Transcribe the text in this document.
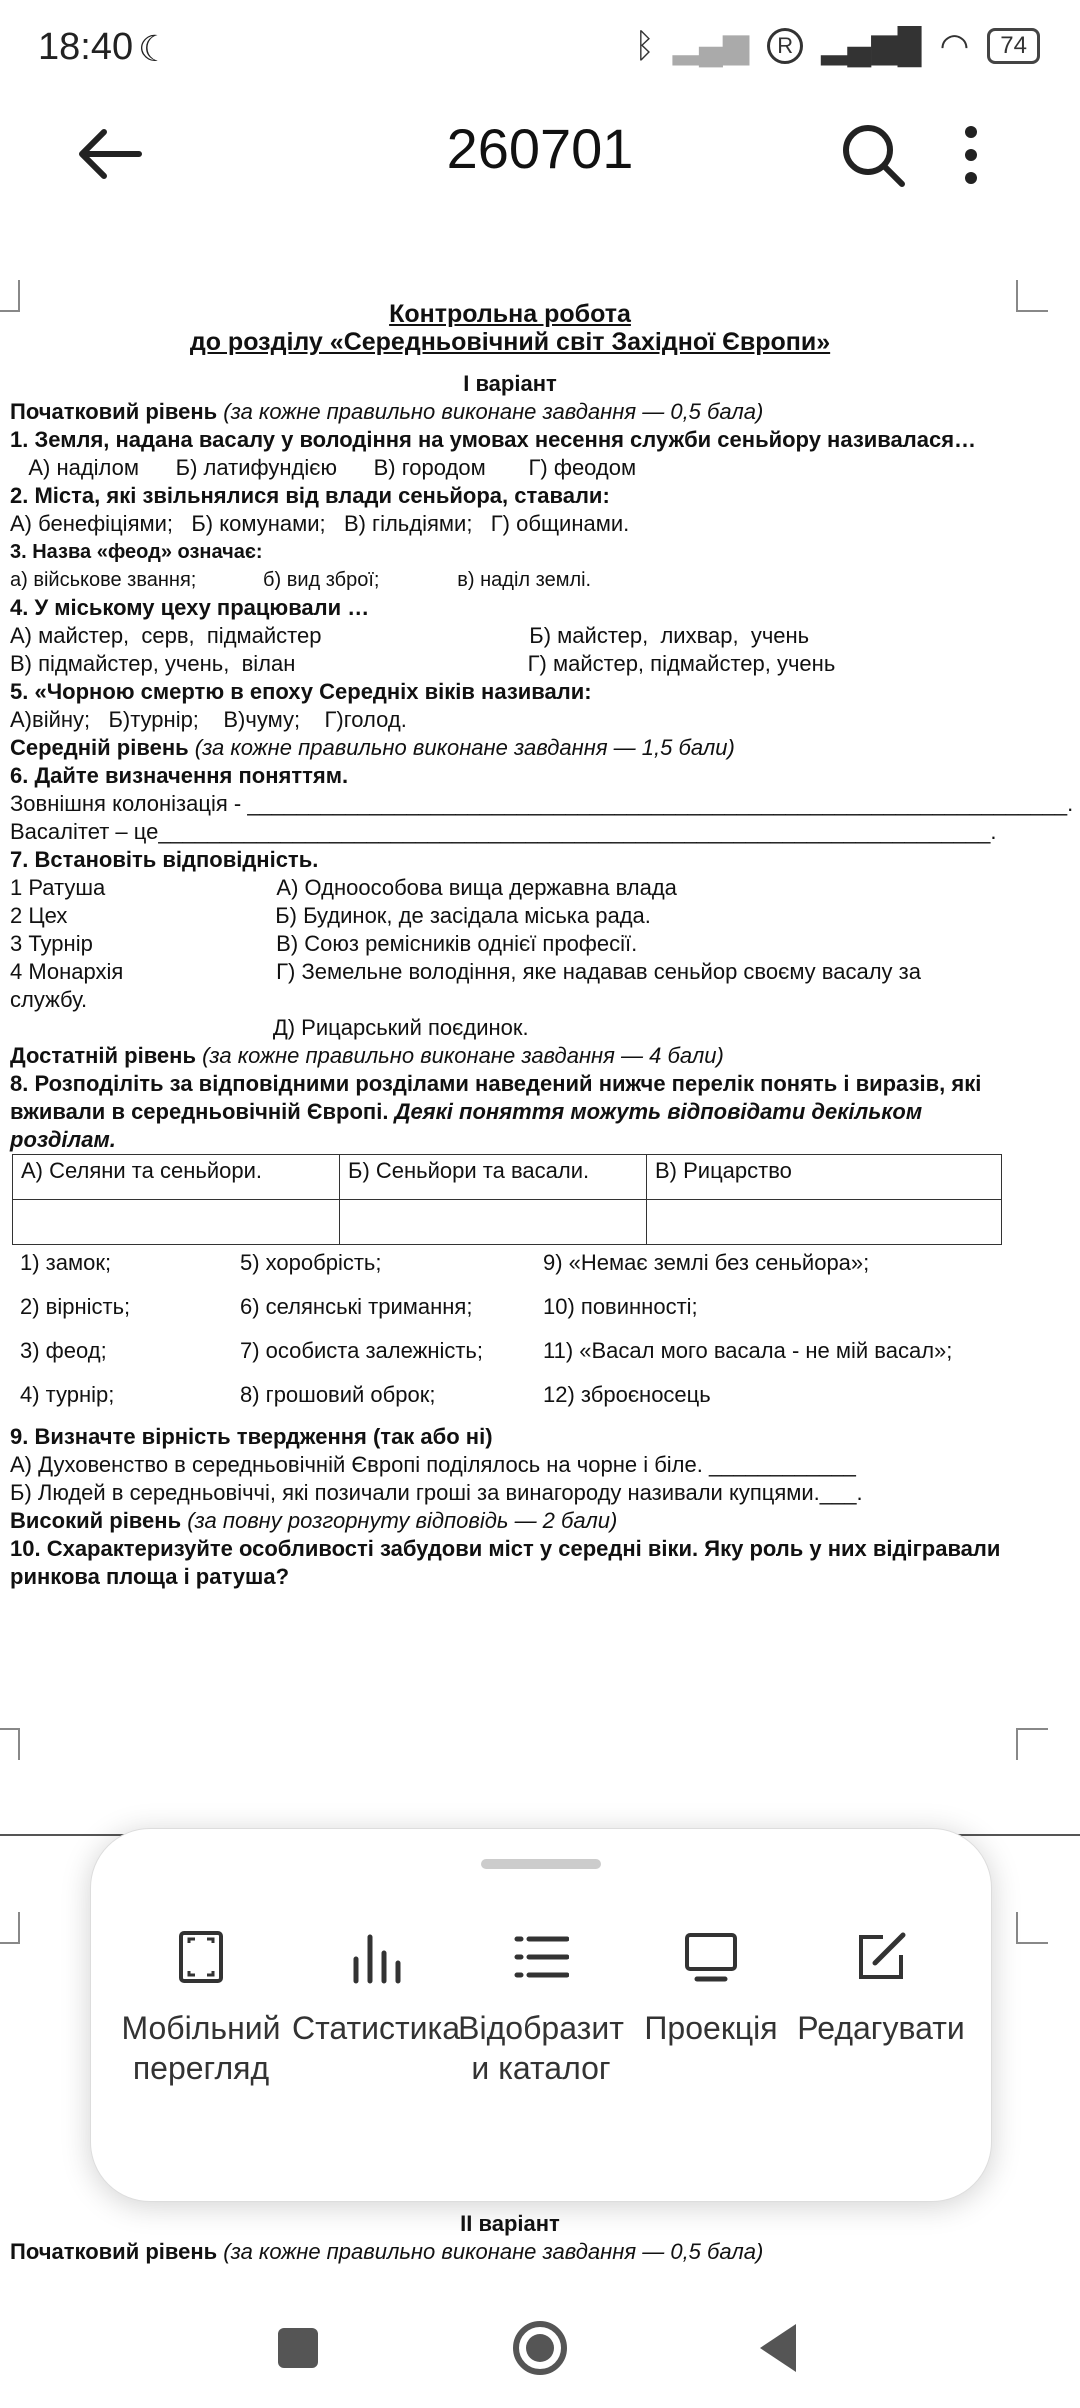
18:40 ☾	ᛒ ▂▄▆	R ▂▄▆█ ◠	74
260701
Контрольна робота
до розділу «Середньовічний світ Західної Європи»
I варіант
Початковий рівень (за кожне правильно виконане завдання — 0,5 бала)
1. Земля, надана васалу у володіння на умовах несення служби сеньйору називалася…
А) наділом      Б) латифундією      В) городом       Г) феодом
2. Міста, які звільнялися від влади сеньйора, ставали:
А) бенефіціями;   Б) комунами;   В) гільдіями;   Г) общинами.
3. Назва «феод» означає:
а) військове звання;            б) вид зброї;              в) наділ землі.
4. У міському цеху працювали …
А) майстер,  серв,  підмайстер                                  Б) майстер,  лихвар,  учень
В) підмайстер, учень,  вілан                                      Г) майстер, підмайстер, учень
5. «Чорною смертю в епоху Середніх віків називали:
А)війну;   Б)турнір;    В)чуму;    Г)голод.
Середній рівень (за кожне правильно виконане завдання — 1,5 бали)
6. Дайте визначення поняттям.
Зовнішня колонізація - ___________________________________________________________________.
Васалітет – це____________________________________________________________________.
7. Встановіть відповідність.
1 Ратуша                            А) Одноособова вища державна влада
2 Цех                                  Б) Будинок, де засідала міська рада.
3 Турнір                              В) Союз ремісників однієї професії.
4 Монархія                         Г) Земельне володіння, яке надавав сеньйор своєму васалу за
службу.
Д) Рицарський поєдинок.
Достатній рівень (за кожне правильно виконане завдання — 4 бали)
8. Розподіліть за відповідними розділами наведений нижче перелік понять і виразів, які вживали в середньовічній Європі. Деякі поняття можуть відповідати декільком розділам.
А) Селяни та сеньйори.	Б) Сеньйори та васали.	В) Рицарство

1) замок;	5) хоробрість;	9) «Немає землі без сеньйора»;
2) вірність;	6) селянські тримання;	10) повинності;
3) феод;	7) особиста залежність;	11) «Васал мого васала - не мій васал»;
4) турнір;	8) грошовий оброк;	12) зброєносець
9. Визначте вірність твердження (так або ні)
А) Духовенство в середньовічній Європі поділялось на чорне і біле. ____________
Б) Людей в середньовіччі, які позичали гроші за винагороду називали купцями.___.
Високий рівень (за повну розгорнуту відповідь — 2 бали)
10. Схарактеризуйте особливості забудови міст у середні віки. Яку роль у них відігравали ринкова площа і ратуша?
Мобільний перегляд
Статистика
Відобразити каталог
Проекція Редагувати
II варіант
Початковий рівень (за кожне правильно виконане завдання — 0,5 бала)
